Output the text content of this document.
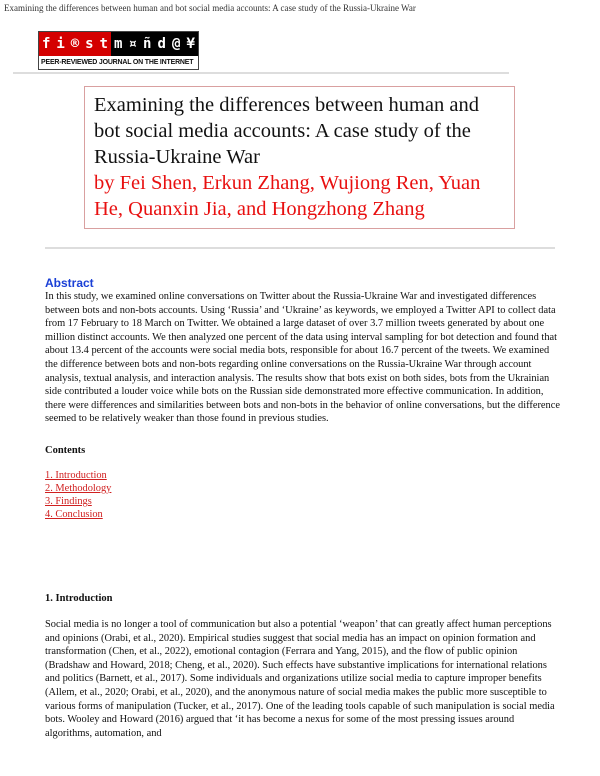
Examining the differences between human and bot social media accounts: A case study of the Russia-Ukraine War
f i ® s t m ¤ ñ d @ ¥
PEER-REVIEWED JOURNAL ON THE INTERNET
Examining the differences between human and bot social media accounts: A case study of the Russia-Ukraine War
by Fei Shen, Erkun Zhang, Wujiong Ren, Yuan He, Quanxin Jia, and Hongzhong Zhang
Abstract
In this study, we examined online conversations on Twitter about the Russia-Ukraine War and investigated differences between bots and non-bots accounts. Using ‘Russia’ and ‘Ukraine’ as keywords, we employed a Twitter API to collect data from 17 February to 18 March on Twitter. We obtained a large dataset of over 3.7 million tweets generated by about one million distinct accounts. We then analyzed one percent of the data using interval sampling for bot detection and found that about 13.4 percent of the accounts were social media bots, responsible for about 16.7 percent of the tweets. We examined the difference between bots and non-bots regarding online conversations on the Russia-Ukraine War through account analysis, textual analysis, and interaction analysis. The results show that bots exist on both sides, bots from the Ukrainian side contributed a louder voice while bots on the Russian side demonstrated more effective communication. In addition, there were differences and similarities between bots and non-bots in the behavior of online conversations, but the difference seemed to be relatively weaker than those found in previous studies.
Contents
1. Introduction
2. Methodology
3. Findings
4. Conclusion
1. Introduction
Social media is no longer a tool of communication but also a potential ‘weapon’ that can greatly affect human perceptions and opinions (Orabi, et al., 2020). Empirical studies suggest that social media has an impact on opinion formation and transformation (Chen, et al., 2022), emotional contagion (Ferrara and Yang, 2015), and the flow of public opinion (Bradshaw and Howard, 2018; Cheng, et al., 2020). Such effects have substantive implications for international relations and politics (Barnett, et al., 2017). Some individuals and organizations utilize social media to capture improper benefits (Allem, et al., 2020; Orabi, et al., 2020), and the anonymous nature of social media makes the public more susceptible to various forms of manipulation (Tucker, et al., 2017). One of the leading tools capable of such manipulation is social media bots. Wooley and Howard (2016) argued that ‘it has become a nexus for some of the most pressing issues around algorithms, automation, and
